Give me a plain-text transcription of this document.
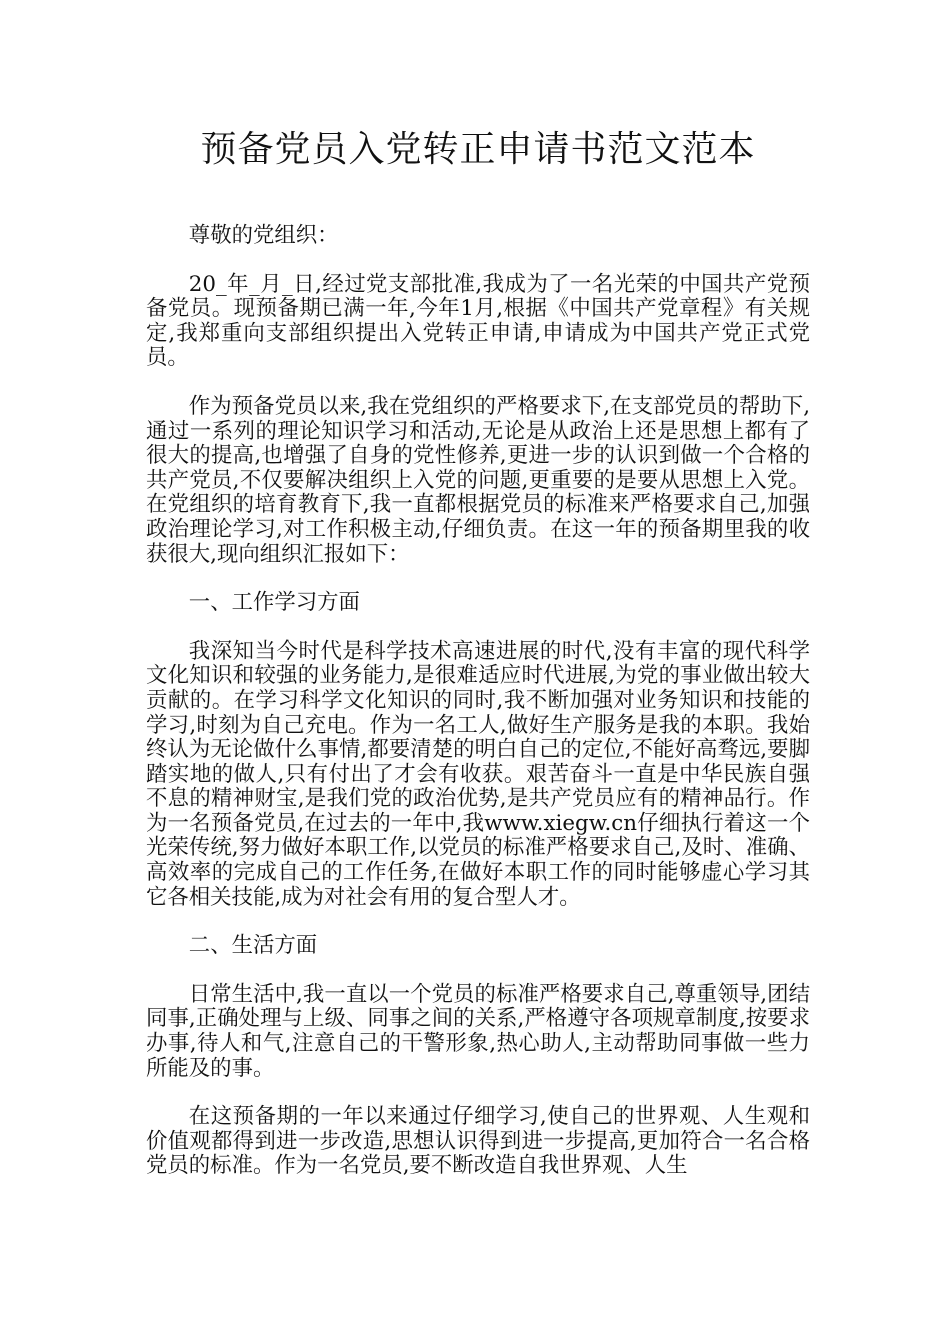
预备党员入党转正申请书范文范本

尊敬的党组织：

20_年_月_日,经过党支部批准,我成为了一名光荣的中国共产党预备党员。现预备期已满一年,今年1月,根据《中国共产党章程》有关规定,我郑重向支部组织提出入党转正申请,申请成为中国共产党正式党员。

作为预备党员以来,我在党组织的严格要求下,在支部党员的帮助下,通过一系列的理论知识学习和活动,无论是从政治上还是思想上都有了很大的提高,也增强了自身的党性修养,更进一步的认识到做一个合格的共产党员,不仅要解决组织上入党的问题,更重要的是要从思想上入党。在党组织的培育教育下,我一直都根据党员的标准来严格要求自己,加强政治理论学习,对工作积极主动,仔细负责。在这一年的预备期里我的收获很大,现向组织汇报如下：

一、工作学习方面

我深知当今时代是科学技术高速进展的时代,没有丰富的现代科学文化知识和较强的业务能力,是很难适应时代进展,为党的事业做出较大贡献的。在学习科学文化知识的同时,我不断加强对业务知识和技能的学习,时刻为自己充电。作为一名工人,做好生产服务是我的本职。我始终认为无论做什么事情,都要清楚的明白自己的定位,不能好高骛远,要脚踏实地的做人,只有付出了才会有收获。艰苦奋斗一直是中华民族自强不息的精神财宝,是我们党的政治优势,是共产党员应有的精神品行。作为一名预备党员,在过去的一年中,我www.xiegw.cn仔细执行着这一个光荣传统,努力做好本职工作,以党员的标准严格要求自己,及时、准确、高效率的完成自己的工作任务,在做好本职工作的同时能够虚心学习其它各相关技能,成为对社会有用的复合型人才。

二、生活方面

日常生活中,我一直以一个党员的标准严格要求自己,尊重领导,团结同事,正确处理与上级、同事之间的关系,严格遵守各项规章制度,按要求办事,待人和气,注意自己的干警形象,热心助人,主动帮助同事做一些力所能及的事。

在这预备期的一年以来通过仔细学习,使自己的世界观、人生观和价值观都得到进一步改造,思想认识得到进一步提高,更加符合一名合格党员的标准。作为一名党员,要不断改造自我世界观、人生
